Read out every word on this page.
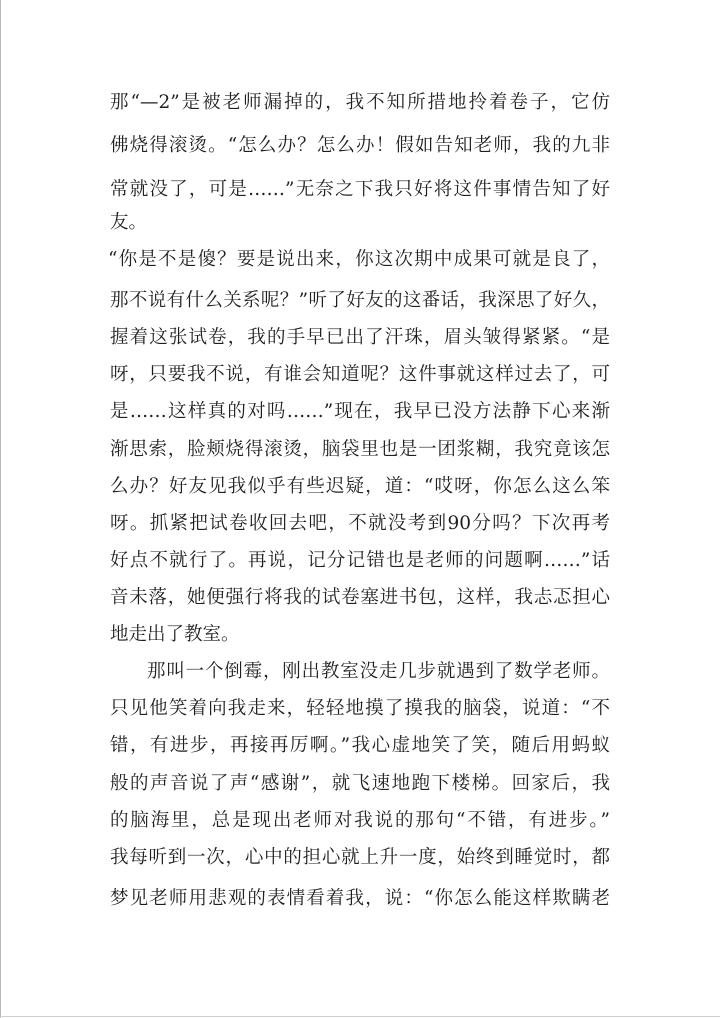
那“—2”是被老师漏掉的，我不知所措地拎着卷子，它仿
佛烧得滚烫。“怎么办？怎么办！假如告知老师，我的九非
常就没了，可是……”无奈之下我只好将这件事情告知了好
友。
“你是不是傻？要是说出来，你这次期中成果可就是良了，
那不说有什么关系呢？”听了好友的这番话，我深思了好久，
握着这张试卷，我的手早已出了汗珠，眉头皱得紧紧。“是
呀，只要我不说，有谁会知道呢？这件事就这样过去了，可
是……这样真的对吗……”现在，我早已没方法静下心来渐
渐思索，脸颊烧得滚烫，脑袋里也是一团浆糊，我究竟该怎
么办？好友见我似乎有些迟疑，道：“哎呀，你怎么这么笨
呀。抓紧把试卷收回去吧，不就没考到90分吗？下次再考
好点不就行了。再说，记分记错也是老师的问题啊……”话
音未落，她便强行将我的试卷塞进书包，这样，我忐忑担心
地走出了教室。
那叫一个倒霉，刚出教室没走几步就遇到了数学老师。
只见他笑着向我走来，轻轻地摸了摸我的脑袋，说道：“不
错，有进步，再接再厉啊。”我心虚地笑了笑，随后用蚂蚁
般的声音说了声“感谢”，就飞速地跑下楼梯。回家后，我
的脑海里，总是现出老师对我说的那句“不错，有进步。”
我每听到一次，心中的担心就上升一度，始终到睡觉时，都
梦见老师用悲观的表情看着我，说：“你怎么能这样欺瞒老
